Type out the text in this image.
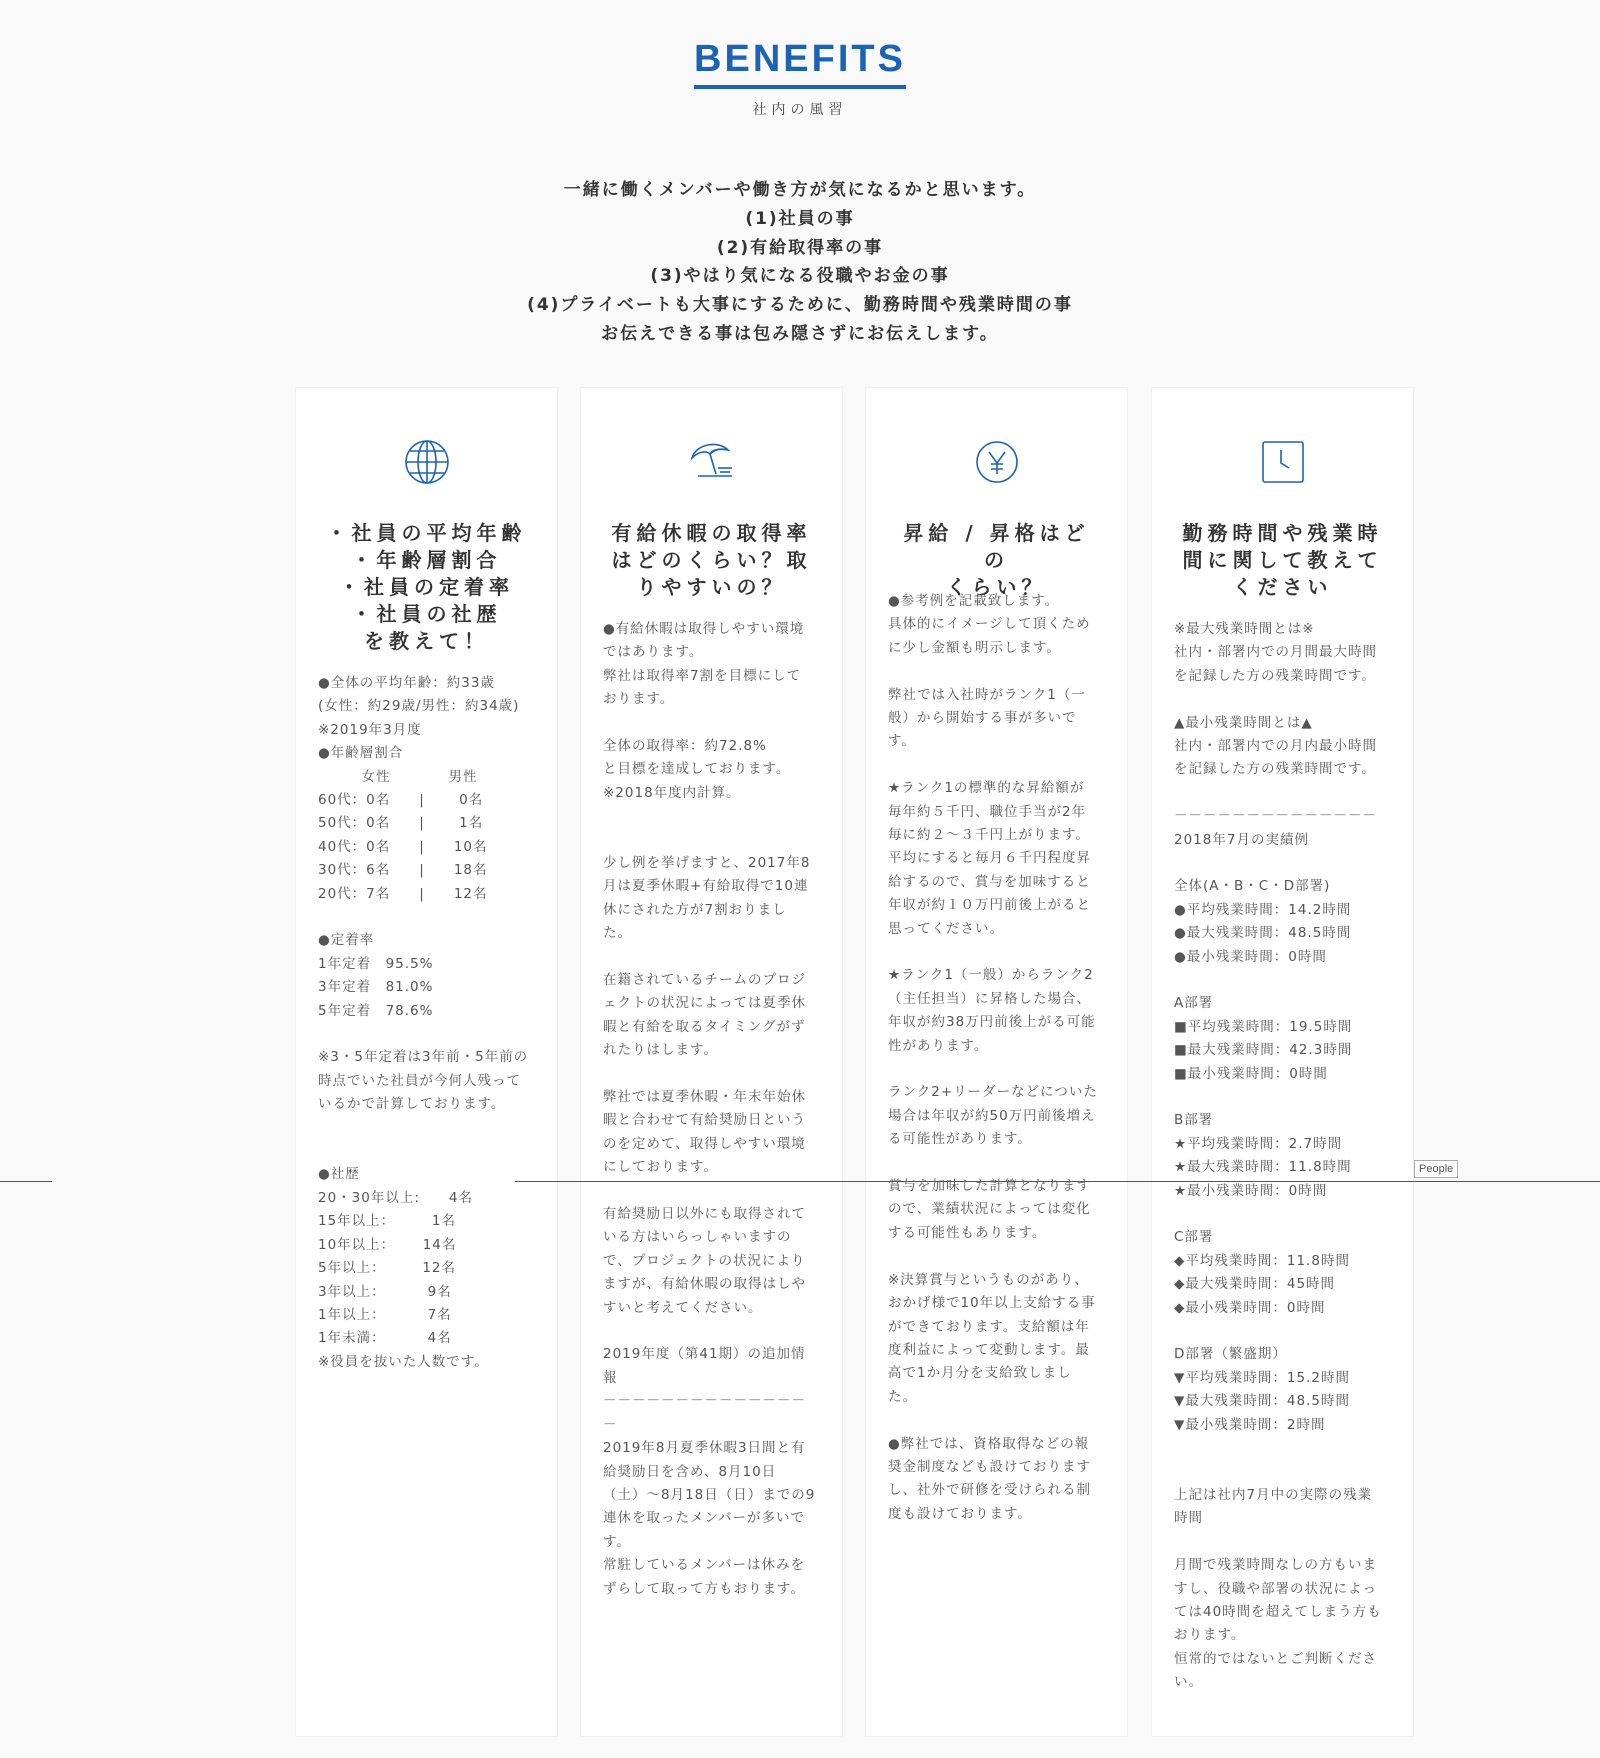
BENEFITS
社内の風習

一緒に働くメンバーや働き方が気になるかと思います。

(1)社員の事

(2)有給取得率の事

(3)やはり気になる役職やお金の事

(4)プライベートも大事にするために、勤務時間や残業時間の事

お伝えできる事は包み隠さずにお伝えします。

・社員の平均年齢
・年齢層割合
・社員の定着率
・社員の社歴
を教えて！
●全体の平均年齢：約33歳
(女性：約29歳/男性：約34歳)
※2019年3月度
●年齢層割合
　　　女性　　　　男性
60代：0名　　|　　 0名
50代：0名　　|　　 1名
40代：0名　　|　　10名
30代：6名　　|　　18名
20代：7名　　|　　12名
●定着率
1年定着　95.5%
3年定着　81.0%
5年定着　78.6%
※3・5年定着は3年前・5年前の
時点でいた社員が今何人残って
いるかで計算しております。
●社歴
20・30年以上:　　4名
15年以上：　　　1名
10年以上：　　 14名
5年以上：　　　12名
3年以上：　　　 9名
1年以上：　　　 7名
1年未満：　　　 4名
※役員を抜いた人数です。
有給休暇の取得率
はどのくらい？取
りやすいの？
●有給休暇は取得しやすい環境
ではあります。
弊社は取得率7割を目標にして
おります。
全体の取得率：約72.8%
と目標を達成しております。
※2018年度内計算。
少し例を挙げますと、2017年8
月は夏季休暇+有給取得で10連
休にされた方が7割おりまし
た。
在籍されているチームのプロジ
ェクトの状況によっては夏季休
暇と有給を取るタイミングがず
れたりはします。
弊社では夏季休暇・年末年始休
暇と合わせて有給奨励日という
のを定めて、取得しやすい環境
にしております。
有給奨励日以外にも取得されて
いる方はいらっしゃいますの
で、プロジェクトの状況により
ますが、有給休暇の取得はしや
すいと考えてください。
2019年度（第41期）の追加情
報
－－－－－－－－－－－－－－
－
2019年8月夏季休暇3日間と有
給奨励日を含め、8月10日
（土）～8月18日（日）までの9
連休を取ったメンバーが多いで
す。
常駐しているメンバーは休みを
ずらして取って方もおります。
昇給 / 昇格はどの
くらい？
●参考例を記載致します。
具体的にイメージして頂くため
に少し金額も明示します。
弊社では入社時がランク1（一
般）から開始する事が多いで
す。
★ランク1の標準的な昇給額が
毎年約５千円、職位手当が2年
毎に約２～３千円上がります。
平均にすると毎月６千円程度昇
給するので、賞与を加味すると
年収が約１０万円前後上がると
思ってください。
★ランク1（一般）からランク2
（主任担当）に昇格した場合、
年収が約38万円前後上がる可能
性があります。
ランク2+リーダーなどについた
場合は年収が約50万円前後増え
る可能性があります。
賞与を加味した計算となります
ので、業績状況によっては変化
する可能性もあります。
※決算賞与というものがあり、
おかげ様で10年以上支給する事
ができております。支給額は年
度利益によって変動します。最
高で1か月分を支給致しまし
た。
●弊社では、資格取得などの報
奨金制度なども設けております
し、社外で研修を受けられる制
度も設けております。
勤務時間や残業時
間に関して教えて
ください
※最大残業時間とは※
社内・部署内での月間最大時間
を記録した方の残業時間です。
▲最小残業時間とは▲
社内・部署内での月内最小時間
を記録した方の残業時間です。
－－－－－－－－－－－－－－
2018年7月の実績例
全体(A・B・C・D部署)
●平均残業時間：14.2時間
●最大残業時間：48.5時間
●最小残業時間：0時間
A部署
■平均残業時間：19.5時間
■最大残業時間：42.3時間
■最小残業時間：0時間
B部署
★平均残業時間：2.7時間
★最大残業時間：11.8時間
★最小残業時間：0時間
C部署
◆平均残業時間：11.8時間
◆最大残業時間：45時間
◆最小残業時間：0時間
D部署（繁盛期）
▼平均残業時間：15.2時間
▼最大残業時間：48.5時間
▼最小残業時間：2時間
上記は社内7月中の実際の残業
時間
月間で残業時間なしの方もいま
すし、役職や部署の状況によっ
ては40時間を超えてしまう方も
おります。
恒常的ではないとご判断くださ
い。
People
